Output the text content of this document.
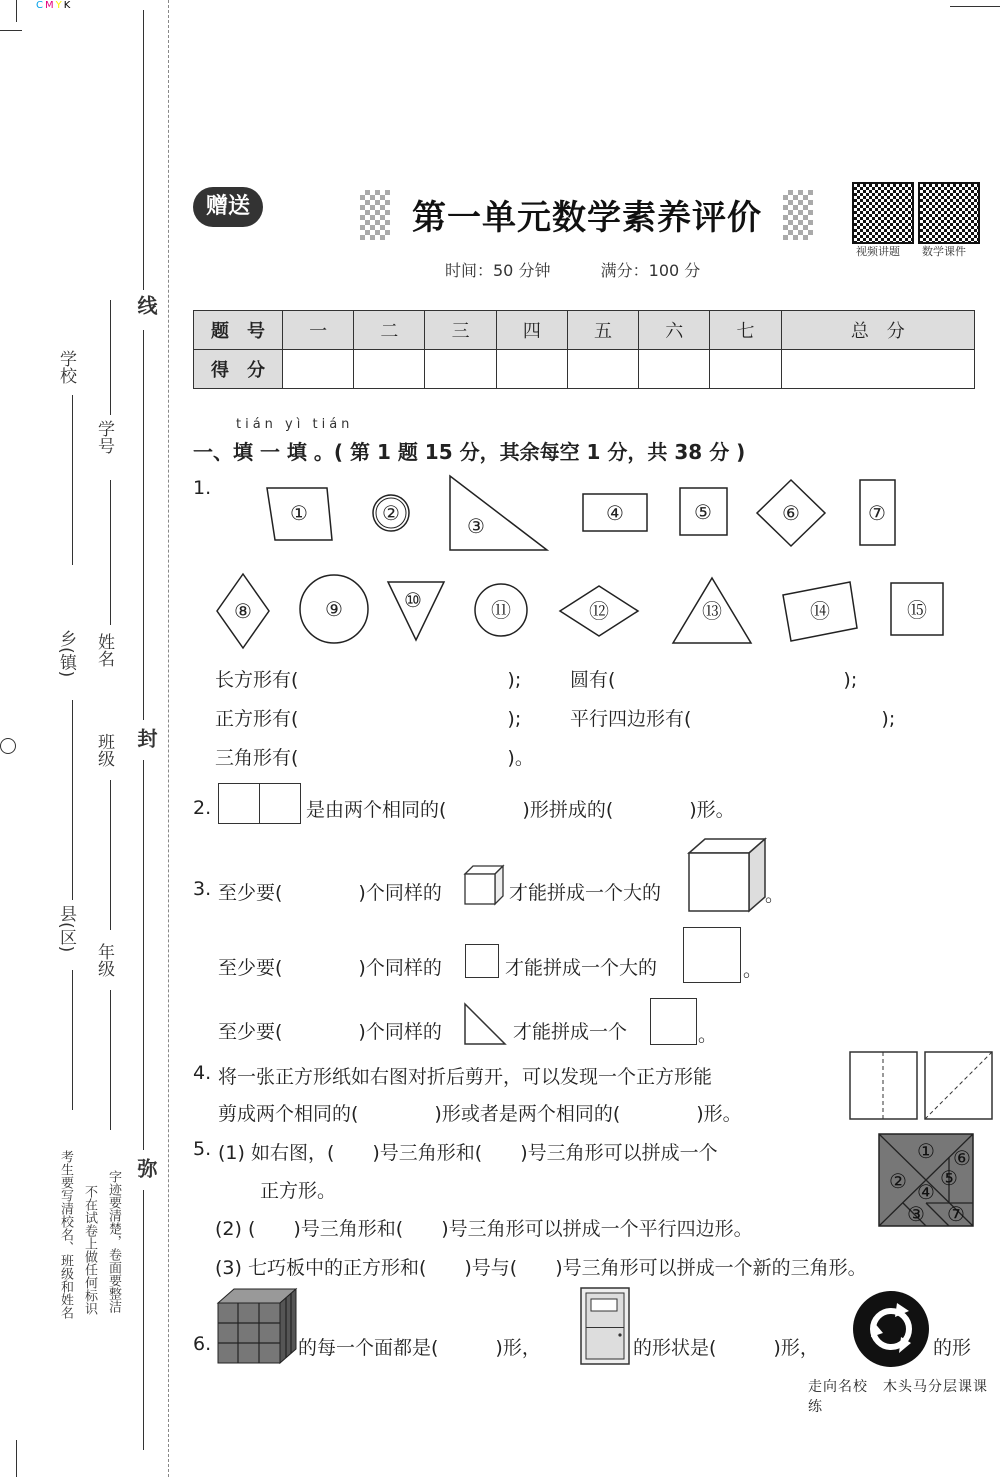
CMYK
线
封
弥
学校
乡(镇)
县(区)
学号
姓名
班级
年级
考生要写清校名、班级和姓名 不在试卷上做任何标识 字迹要清楚，卷面要整洁
赠送	第一单元数学素养评价
视频讲题 数学课件
时间：50 分钟	满分：100 分
题　号	一	二	三	四	五	六	七	总　分
得　分								
tián yì tián
一、填 一 填 。( 第 1 题 15 分，其余每空 1 分，共 38 分 )
1.
①	②
③
④	⑤	⑥	⑦
⑧	⑨	⑩	⑪	⑫	⑬	⑭	⑮
长方形有(　　　　　　　　　　　);	圆有(　　　　　　　　　　　　);
正方形有(　　　　　　　　　　　);	平行四边形有(　　　　　　　　　　);
三角形有(　　　　　　　　　　　)。
2.	是由两个相同的(　　　　)形拼成的(　　　　)形。
3. 至少要(　　　　)个同样的	才能拼成一个大的	。
至少要(　　　　)个同样的	才能拼成一个大的	。
至少要(　　　　)个同样的	才能拼成一个	。
4. 将一张正方形纸如右图对折后剪开，可以发现一个正方形能
剪成两个相同的(　　　　)形或者是两个相同的(　　　　)形。
5. (1) 如右图，(　　)号三角形和(　　)号三角形可以拼成一个
正方形。
(2) (　　)号三角形和(　　)号三角形可以拼成一个平行四边形。
(3) 七巧板中的正方形和(　　)号与(　　)号三角形可以拼成一个新的三角形。
①
②
③
④
⑤
⑥
⑦
6.	的每一个面都是(　　　)形，	的形状是(　　　)形，	的形
走向名校　木头马分层课课练
